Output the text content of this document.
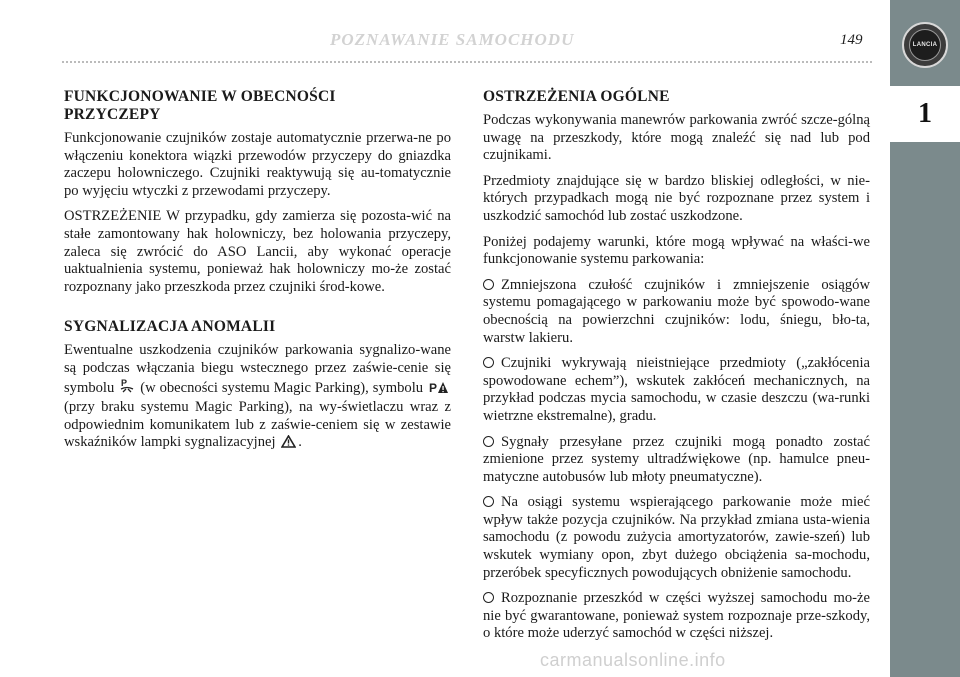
POZNAWANIE SAMOCHODU	149	LANCIA
1
FUNKCJONOWANIE W OBECNOŚCI PRZYCZEPY

Funkcjonowanie czujników zostaje automatycznie przerwa-ne po włączeniu konektora wiązki przewodów przyczepy do gniazdka zaczepu holowniczego. Czujniki reaktywują się au-tomatycznie po wyjęciu wtyczki z przewodami przyczepy.

OSTRZEŻENIE W przypadku, gdy zamierza się pozosta-wić na stałe zamontowany hak holowniczy, bez holowania przyczepy, zaleca się zwrócić do ASO Lancii, aby wykonać operacje uaktualnienia systemu, ponieważ hak holowniczy mo-że zostać rozpoznany jako przeszkoda przez czujniki środ-kowe.

SYGNALIZACJA ANOMALII

Ewentualne uszkodzenia czujników parkowania sygnalizo-wane są podczas włączania biegu wstecznego przez zaświe-cenie się symbolu P (w obecności systemu Magic Parking), symbolu P
(przy braku systemu Magic Parking), na wy-świetlaczu wraz z odpowiednim komunikatem lub z zaświe-ceniem się w zestawie wskaźników lampki sygnalizacyjnej .

OSTRZEŻENIA OGÓLNE

Podczas wykonywania manewrów parkowania zwróć szcze-gólną uwagę na przeszkody, które mogą znaleźć się nad lub pod czujnikami.

Przedmioty znajdujące się w bardzo bliskiej odległości, w nie-których przypadkach mogą nie być rozpoznane przez system i uszkodzić samochód lub zostać uszkodzone.

Poniżej podajemy warunki, które mogą wpływać na właści-we funkcjonowanie systemu parkowania:

Zmniejszona czułość czujników i zmniejszenie osiągów systemu pomagającego w parkowaniu może być spowodo-wane obecnością na powierzchni czujników: lodu, śniegu, bło-ta, warstw lakieru.

Czujniki wykrywają nieistniejące przedmioty („zakłócenia spowodowane echem”), wskutek zakłóceń mechanicznych, na przykład podczas mycia samochodu, w czasie deszczu (wa-runki wietrzne ekstremalne), gradu.

Sygnały przesyłane przez czujniki mogą ponadto zostać zmienione przez systemy ultradźwiękowe (np. hamulce pneu-matyczne autobusów lub młoty pneumatyczne).

Na osiągi systemu wspierającego parkowanie może mieć wpływ także pozycja czujników. Na przykład zmiana usta-wienia samochodu (z powodu zużycia amortyzatorów, zawie-szeń) lub wskutek wymiany opon, zbyt dużego obciążenia sa-mochodu, przeróbek specyficznych powodujących obniżenie samochodu.

Rozpoznanie przeszkód w części wyższej samochodu mo-że nie być gwarantowane, ponieważ system rozpoznaje prze-szkody, o które może uderzyć samochód w części niższej.

carmanualsonline.info
